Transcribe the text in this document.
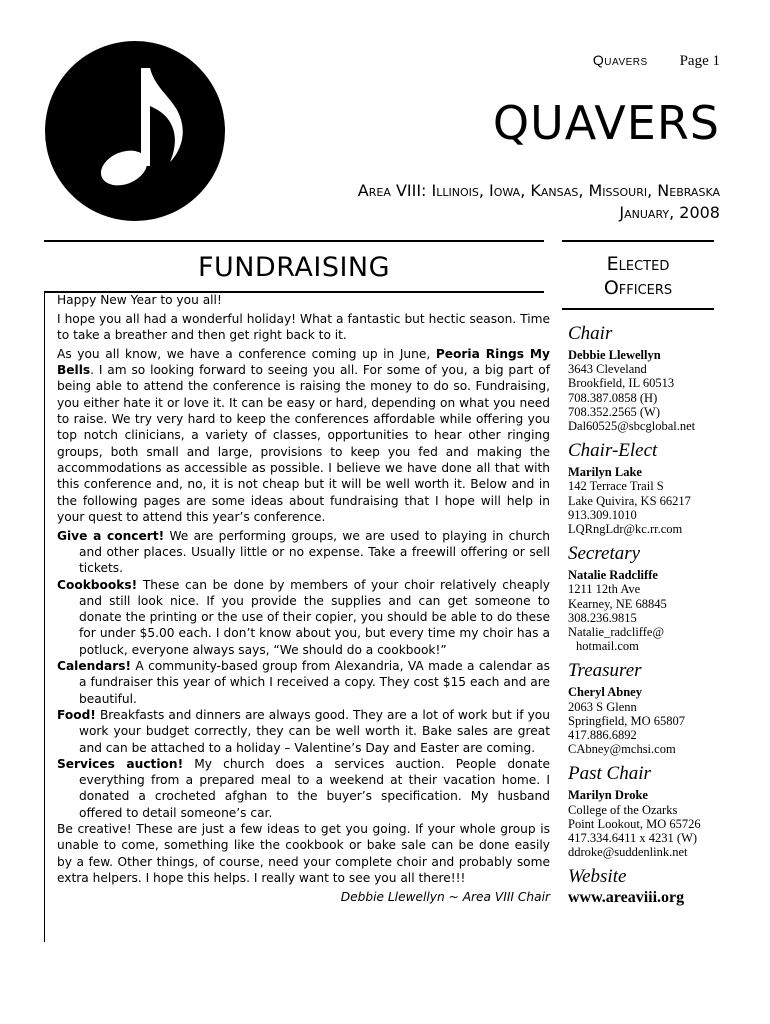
Quavers Page 1
QUAVERS
Area VIII: Illinois, Iowa, Kansas, Missouri, Nebraska
January, 2008
FUNDRAISING

Happy New Year to you all!

I hope you all had a wonderful holiday! What a fantastic but hectic season. Time to take a breather and then get right back to it.

As you all know, we have a conference coming up in June, Peoria Rings My Bells. I am so looking forward to seeing you all. For some of you, a big part of being able to attend the conference is raising the money to do so. Fundraising, you either hate it or love it. It can be easy or hard, depending on what you need to raise. We try very hard to keep the conferences affordable while offering you top notch clinicians, a variety of classes, opportunities to hear other ringing groups, both small and large, provisions to keep you fed and making the accommodations as accessible as possible. I believe we have done all that with this conference and, no, it is not cheap but it will be well worth it. Below and in the following pages are some ideas about fundraising that I hope will help in your quest to attend this year’s conference.

Give a concert! We are performing groups, we are used to playing in church and other places. Usually little or no expense. Take a freewill offering or sell tickets.
Cookbooks! These can be done by members of your choir relatively cheaply and still look nice. If you provide the supplies and can get someone to donate the printing or the use of their copier, you should be able to do these for under $5.00 each. I don’t know about you, but every time my choir has a potluck, everyone always says, “We should do a cookbook!”
Calendars! A community-based group from Alexandria, VA made a calendar as a fundraiser this year of which I received a copy. They cost $15 each and are beautiful.
Food! Breakfasts and dinners are always good. They are a lot of work but if you work your budget correctly, they can be well worth it. Bake sales are great and can be attached to a holiday – Valentine’s Day and Easter are coming.
Services auction! My church does a services auction. People donate everything from a prepared meal to a weekend at their vacation home. I donated a crocheted afghan to the buyer’s specification. My husband offered to detail someone’s car.

Be creative! These are just a few ideas to get you going. If your whole group is unable to come, something like the cookbook or bake sale can be done easily by a few. Other things, of course, need your complete choir and probably some extra helpers. I hope this helps. I really want to see you all there!!!

Debbie Llewellyn ~ Area VIII Chair
Elected
Officers
Chair
Debbie Llewellyn
3643 Cleveland
Brookfield, IL 60513
708.387.0858 (H)
708.352.2565 (W)
Dal60525@sbcglobal.net
Chair-Elect
Marilyn Lake
142 Terrace Trail S
Lake Quivira, KS 66217
913.309.1010
LQRngLdr@kc.rr.com
Secretary
Natalie Radcliffe
1211 12th Ave
Kearney, NE 68845
308.236.9815
Natalie_radcliffe@
hotmail.com
Treasurer
Cheryl Abney
2063 S Glenn
Springfield, MO 65807
417.886.6892
CAbney@mchsi.com
Past Chair
Marilyn Droke
College of the Ozarks
Point Lookout, MO 65726
417.334.6411 x 4231 (W)
ddroke@suddenlink.net
Website
www.areaviii.org
